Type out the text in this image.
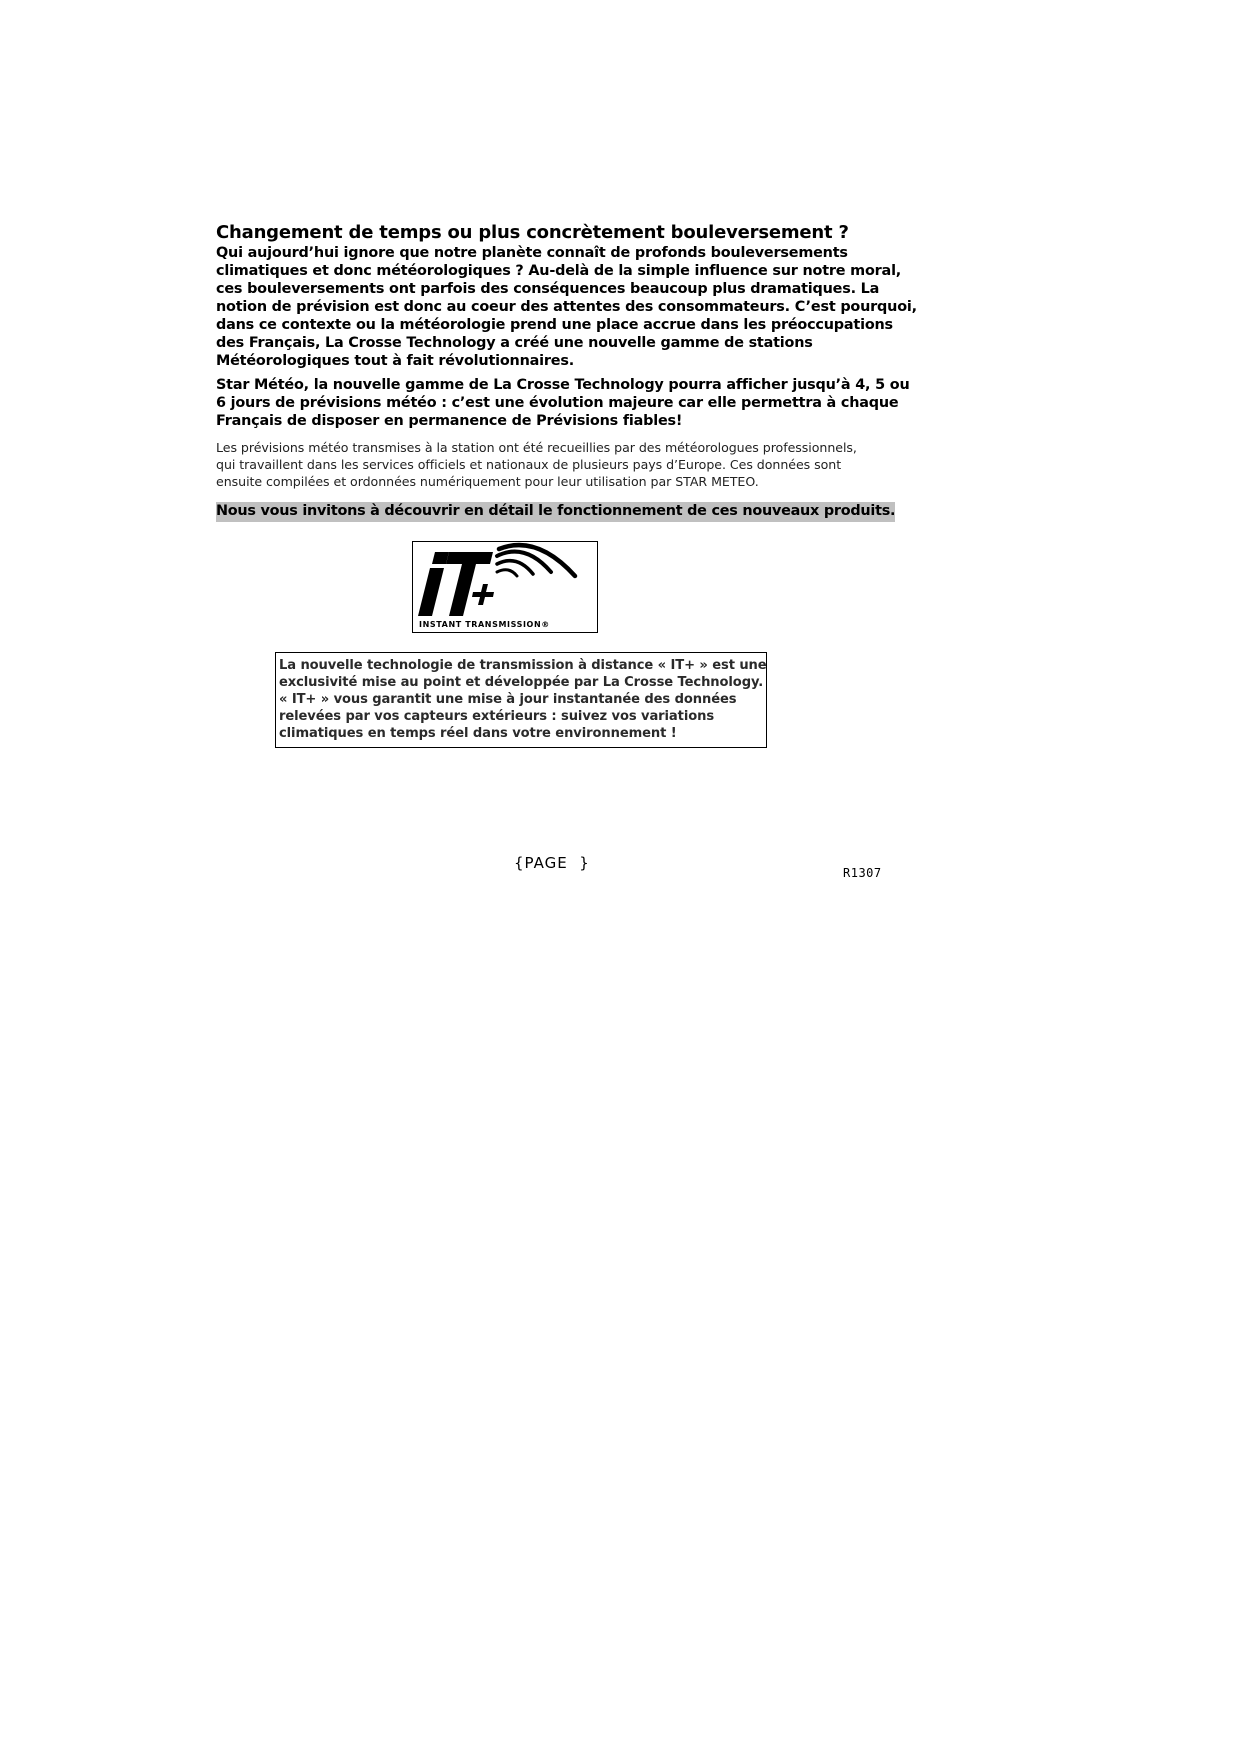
Changement de temps ou plus concrètement bouleversement ?

Qui aujourd’hui ignore que notre planète connaît de profonds bouleversements
climatiques et donc météorologiques ? Au-delà de la simple influence sur notre moral,
ces bouleversements ont parfois des conséquences beaucoup plus dramatiques. La
notion de prévision est donc au coeur des attentes des consommateurs. C’est pourquoi,
dans ce contexte ou la météorologie prend une place accrue dans les préoccupations
des Français, La Crosse Technology a créé une nouvelle gamme de stations
Météorologiques tout à fait révolutionnaires.

Star Météo, la nouvelle gamme de La Crosse Technology pourra afficher jusqu’à 4, 5 ou
6 jours de prévisions météo : c’est une évolution majeure car elle permettra à chaque
Français de disposer en permanence de Prévisions fiables!

Les prévisions météo transmises à la station ont été recueillies par des météorologues professionnels,
qui travaillent dans les services officiels et nationaux de plusieurs pays d’Europe. Ces données sont
ensuite compilées et ordonnées numériquement pour leur utilisation par STAR METEO.

Nous vous invitons à découvrir en détail le fonctionnement de ces nouveaux produits.

INSTANT TRANSMISSION®
La nouvelle technologie de transmission à distance « IT+ » est une
exclusivité mise au point et développée par La Crosse Technology.
« IT+ » vous garantit une mise à jour instantanée des données
relevées par vos capteurs extérieurs : suivez vos variations
climatiques en temps réel dans votre environnement !
{PAGE  }
R1307
